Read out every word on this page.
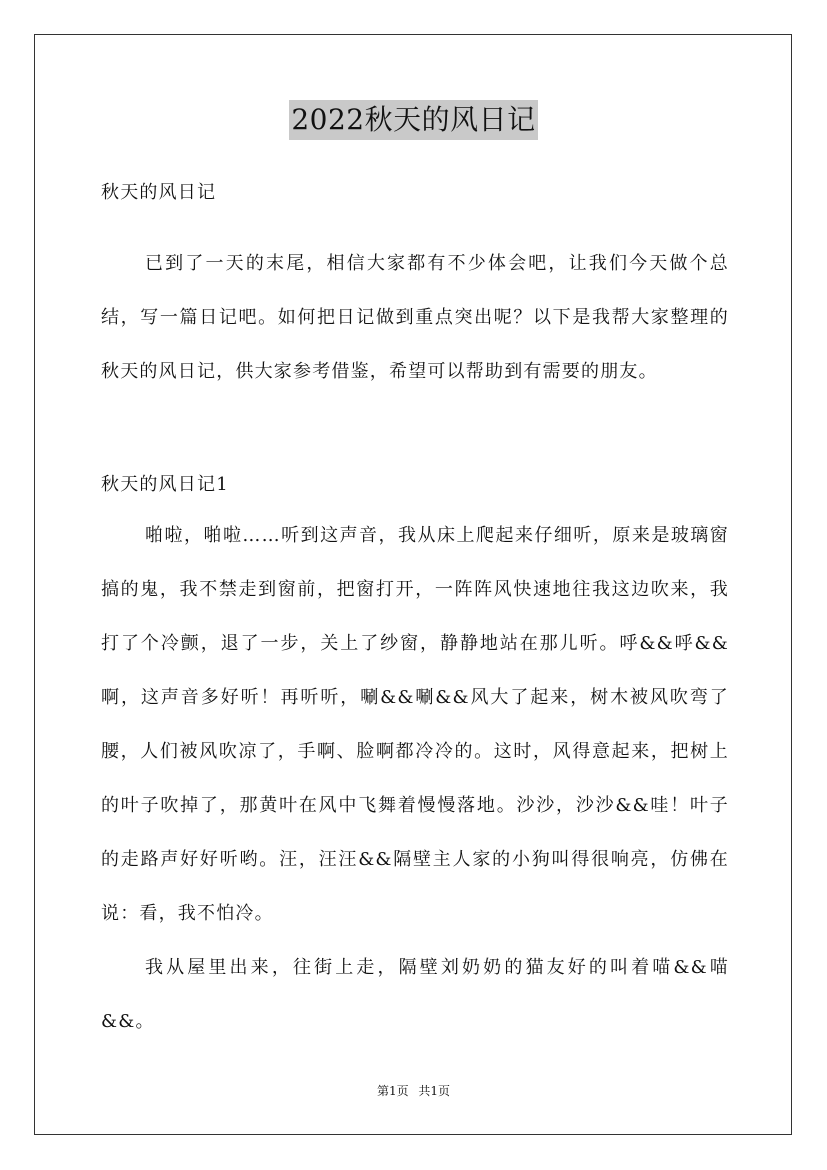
2022秋天的风日记

秋天的风日记

已到了一天的末尾，相信大家都有不少体会吧，让我们今天做个总结，写一篇日记吧。如何把日记做到重点突出呢？以下是我帮大家整理的秋天的风日记，供大家参考借鉴，希望可以帮助到有需要的朋友。

秋天的风日记1

啪啦，啪啦……听到这声音，我从床上爬起来仔细听，原来是玻璃窗搞的鬼，我不禁走到窗前，把窗打开，一阵阵风快速地往我这边吹来，我打了个冷颤，退了一步，关上了纱窗，静静地站在那儿听。呼&&呼&&啊，这声音多好听！再听听，唰&&唰&&风大了起来，树木被风吹弯了腰，人们被风吹凉了，手啊、脸啊都冷冷的。这时，风得意起来，把树上的叶子吹掉了，那黄叶在风中飞舞着慢慢落地。沙沙，沙沙&&哇！叶子的走路声好好听哟。汪，汪汪&&隔壁主人家的小狗叫得很响亮，仿佛在说：看，我不怕冷。

我从屋里出来，往街上走，隔壁刘奶奶的猫友好的叫着喵&&喵&&。

第1页 共1页
